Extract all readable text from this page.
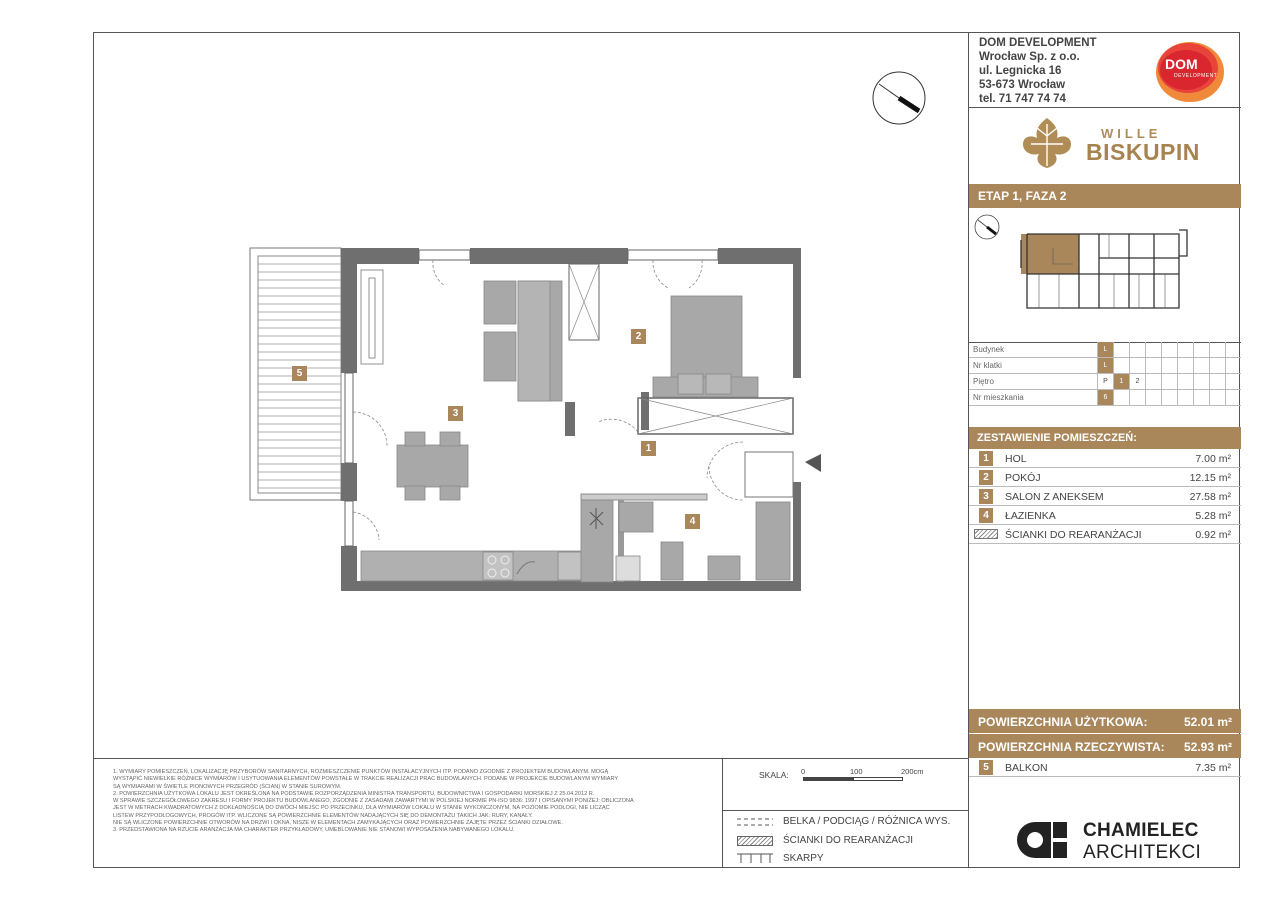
1
2
3
4
5
DOM DEVELOPMENT
Wrocław Sp. z o.o.
ul. Legnicka 16
53-673 Wrocław
tel. 71 747 74 74
DOM
DEVELOPMENT
WILLE
BISKUPIN
ETAP 1, FAZA 2
Budynek	L
Nr klatki	L
Piętro	P	1	2
Nr mieszkania	6
ZESTAWIENIE POMIESZCZEŃ:
1	HOL	7.00 m²
2	POKÓJ	12.15 m²
3	SALON Z ANEKSEM	27.58 m²
4	ŁAZIENKA	5.28 m²
ŚCIANKI DO REARANŻACJI	0.92 m²
POWIERZCHNIA UŻYTKOWA:	52.01 m²
POWIERZCHNIA RZECZYWISTA: 52.93 m²
5	BALKON	7.35 m²
CHAMIELEC
ARCHITEKCI
1. WYMIARY POMIESZCZEŃ, LOKALIZACJĘ PRZYBORÓW SANITARNYCH, ROZMIESZCZENIE PUNKTÓW INSTALACYJNYCH ITP. PODANO ZGODNIE Z PROJEKTEM BUDOWLANYM. MOGĄ
WYSTĄPIĆ NIEWIELKIE RÓŻNICE WYMIARÓW I USYTUOWANIA ELEMENTÓW POWSTAŁE W TRAKCIE REALIZACJI PRAC BUDOWLANYCH. PODANE W PROJEKCIE BUDOWLANYM WYMIARY
SĄ WYMIARAMI W ŚWIETLE PIONOWYCH PRZEGRÓD (ŚCIAN) W STANIE SUROWYM.
2. POWIERZCHNIA UŻYTKOWA LOKALU JEST OKREŚLONA NA PODSTAWIE ROZPORZĄDZENIA MINISTRA TRANSPORTU, BUDOWNICTWA I GOSPODARKI MORSKIEJ Z 25.04.2012 R.
W SPRAWIE SZCZEGÓŁOWEGO ZAKRESU I FORMY PROJEKTU BUDOWLANEGO, ZGODNIE Z ZASADAMI ZAWARTYMI W POLSKIEJ NORMIE PN-ISO 9836: 1997 I OPISANYMI PONIŻEJ: OBLICZONA
JEST W METRACH KWADRATOWYCH Z DOKŁADNOŚCIĄ DO DWÓCH MIEJSC PO PRZECINKU, DLA WYMIARÓW LOKALU W STANIE WYKOŃCZONYM, NA POZIOMIE PODŁOGI, NIE LICZĄC
LISTEW PRZYPODŁOGOWYCH, PROGÓW ITP. WLICZONE SĄ POWIERZCHNIE ELEMENTÓW NADAJĄCYCH SIĘ DO DEMONTAŻU TAKICH JAK: RURY, KANAŁY.
NIE SĄ WLICZONE POWIERZCHNIE OTWORÓW NA DRZWI I OKNA, NISZE W ELEMENTACH ZAMYKAJĄCYCH ORAZ POWIERZCHNIE ZAJĘTE PRZEZ ŚCIANKI DZIAŁOWE.
3. PRZEDSTAWIONA NA RZUCIE ARANŻACJA MA CHARAKTER PRZYKŁADOWY, UMEBLOWANIE NIE STANOWI WYPOSAŻENIA NABYWANEGO LOKALU.
SKALA: 0	100	200cm
BELKA / PODCIĄG / RÓŻNICA WYS.
ŚCIANKI DO REARANŻACJI
SKARPY
